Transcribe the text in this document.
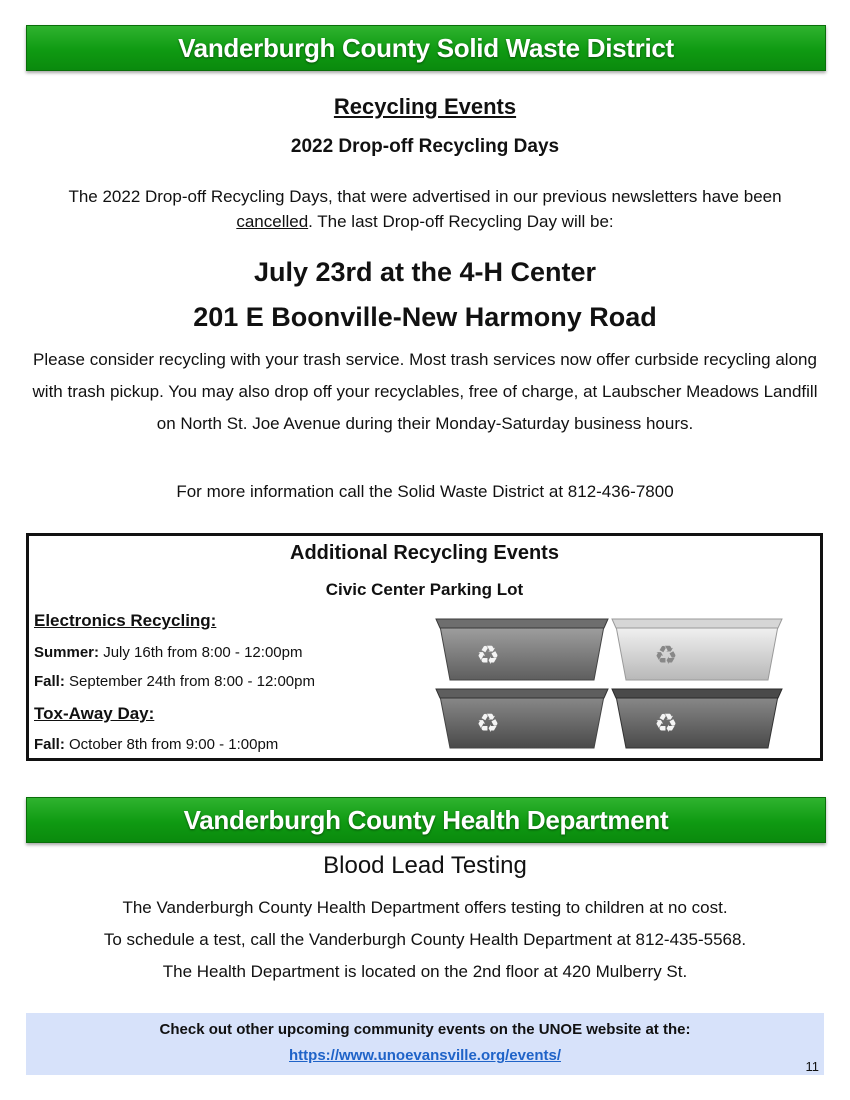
Vanderburgh County Solid Waste District
Recycling Events
2022 Drop-off Recycling Days
The 2022 Drop-off Recycling Days, that were advertised in our previous newsletters have been cancelled. The last Drop-off Recycling Day will be:
July 23rd at the 4-H Center
201 E Boonville-New Harmony Road
Please consider recycling with your trash service. Most trash services now offer curbside recycling along with trash pickup. You may also drop off your recyclables, free of charge, at Laubscher Meadows Landfill on North St. Joe Avenue during their Monday-Saturday business hours.
For more information call the Solid Waste District at 812-436-7800
Additional Recycling Events
Civic Center Parking Lot
Electronics Recycling:
Summer: July 16th from 8:00 - 12:00pm
Fall: September 24th from 8:00 - 12:00pm
Tox-Away Day:
Fall: October 8th from 9:00 - 1:00pm
♻	♻
♻	♻
Vanderburgh County Health Department
Blood Lead Testing
The Vanderburgh County Health Department offers testing to children at no cost.
To schedule a test, call the Vanderburgh County Health Department at 812-435-5568.
The Health Department is located on the 2nd floor at 420 Mulberry St.
Check out other upcoming community events on the UNOE website at the:
https://www.unoevansville.org/events/
11
